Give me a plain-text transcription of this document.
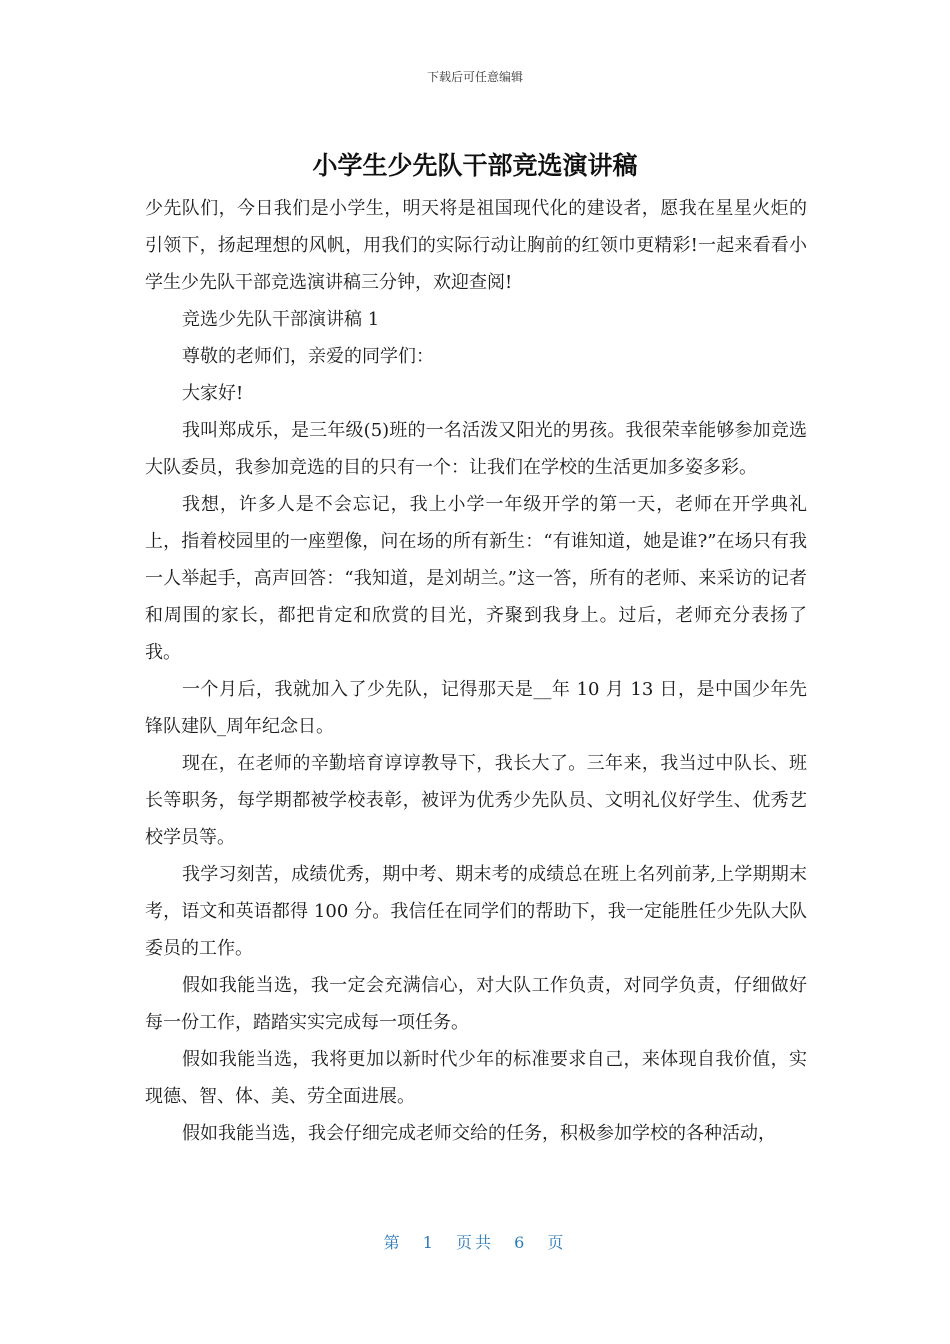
下载后可任意编辑
小学生少先队干部竞选演讲稿

少先队们，今日我们是小学生，明天将是祖国现代化的建设者，愿我在星星火炬的引领下，扬起理想的风帆，用我们的实际行动让胸前的红领巾更精彩!一起来看看小学生少先队干部竞选演讲稿三分钟，欢迎查阅!

竞选少先队干部演讲稿 1

尊敬的老师们，亲爱的同学们：

大家好!

我叫郑成乐，是三年级(5)班的一名活泼又阳光的男孩。我很荣幸能够参加竞选大队委员，我参加竞选的目的只有一个：让我们在学校的生活更加多姿多彩。

我想，许多人是不会忘记，我上小学一年级开学的第一天，老师在开学典礼上，指着校园里的一座塑像，问在场的所有新生：“有谁知道，她是谁?”在场只有我一人举起手，高声回答：“我知道，是刘胡兰。”这一答，所有的老师、来采访的记者和周围的家长，都把肯定和欣赏的目光，齐聚到我身上。过后，老师充分表扬了我。

一个月后，我就加入了少先队，记得那天是__年 10 月 13 日，是中国少年先锋队建队_周年纪念日。

现在，在老师的辛勤培育谆谆教导下，我长大了。三年来，我当过中队长、班长等职务，每学期都被学校表彰，被评为优秀少先队员、文明礼仪好学生、优秀艺校学员等。

我学习刻苦，成绩优秀，期中考、期末考的成绩总在班上名列前茅,上学期期末考，语文和英语都得 100 分。我信任在同学们的帮助下，我一定能胜任少先队大队委员的工作。

假如我能当选，我一定会充满信心，对大队工作负责，对同学负责，仔细做好每一份工作，踏踏实实完成每一项任务。

假如我能当选，我将更加以新时代少年的标准要求自己，来体现自我价值，实现德、智、体、美、劳全面进展。

假如我能当选，我会仔细完成老师交给的任务，积极参加学校的各种活动，

第 1 页共 6 页
